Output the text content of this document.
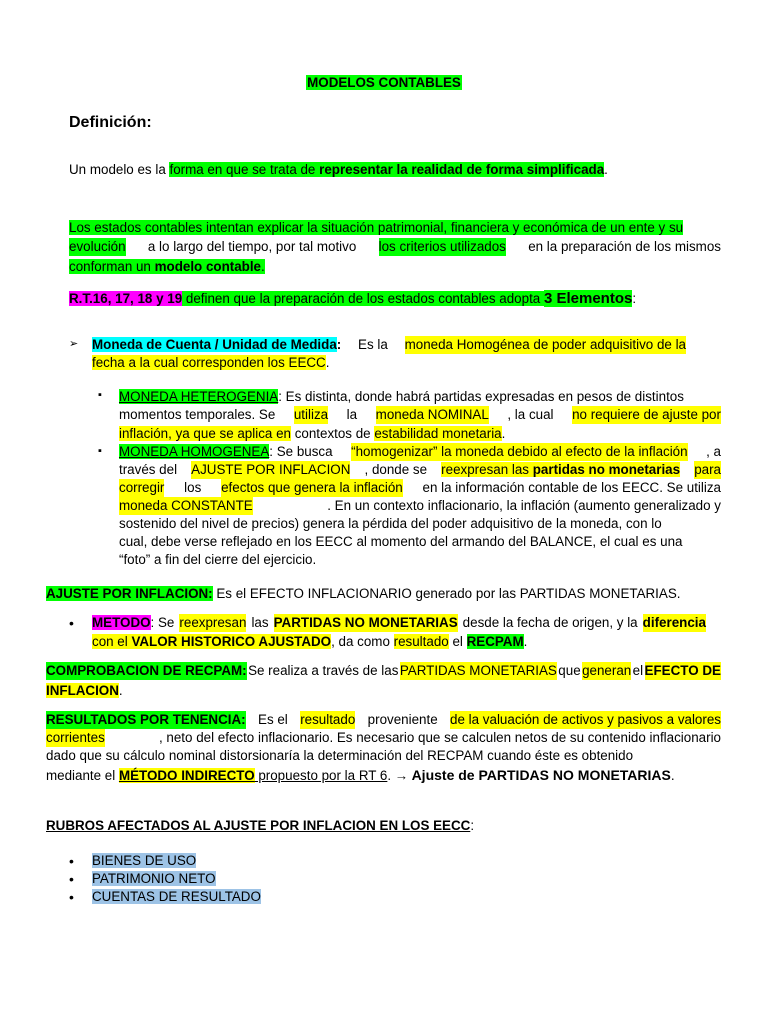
MODELOS CONTABLES
Definición:
Un modelo es la forma en que se trata de representar la realidad de forma simplificada.
Los estados contables intentan explicar la situación patrimonial, financiera y económica de un ente y su
evolución a lo largo del tiempo, por tal motivo los criterios utilizados en la preparación de los mismos
conforman un modelo contable.
R.T.16, 17, 18 y 19 definen que la preparación de los estados contables adopta 3 Elementos:
➢ Moneda de Cuenta / Unidad de Medida: Es la moneda Homogénea de poder adquisitivo de la
fecha a la cual corresponden los EECC.
▪ MONEDA HETEROGENIA: Es distinta, donde habrá partidas expresadas en pesos de distintos
momentos temporales. Se utiliza la moneda NOMINAL , la cual no requiere de ajuste por
inflación, ya que se aplica en contextos de estabilidad monetaria.
▪ MONEDA HOMOGENEA: Se busca “homogenizar” la moneda debido al efecto de la inflación , a
través del AJUSTE POR INFLACION , donde se reexpresan las partidas no monetarias para
corregir los efectos que genera la inflación en la información contable de los EECC. Se utiliza
moneda CONSTANTE	. En un contexto inflacionario, la inflación (aumento generalizado y
sostenido del nivel de precios) genera la pérdida del poder adquisitivo de la moneda, con lo
cual, debe verse reflejado en los EECC al momento del armando del BALANCE, el cual es una
“foto” a fin del cierre del ejercicio.
AJUSTE POR INFLACION: Es el EFECTO INFLACIONARIO generado por las PARTIDAS MONETARIAS.
• METODO: Se reexpresan las PARTIDAS NO MONETARIAS desde la fecha de origen, y la diferencia
con el VALOR HISTORICO AJUSTADO, da como resultado el RECPAM.
COMPROBACION DE RECPAM: Se realiza a través de las PARTIDAS MONETARIAS que generan el EFECTO DE
INFLACION.
RESULTADOS POR TENENCIA: Es el resultado proveniente de la valuación de activos y pasivos a valores
corrientes	, neto del efecto inflacionario. Es necesario que se calculen netos de su contenido inflacionario
dado que su cálculo nominal distorsionaría la determinación del RECPAM cuando éste es obtenido
mediante el MÉTODO INDIRECTO propuesto por la RT 6. → Ajuste de PARTIDAS NO MONETARIAS.
RUBROS AFECTADOS AL AJUSTE POR INFLACION EN LOS EECC:
• BIENES DE USO
• PATRIMONIO NETO
• CUENTAS DE RESULTADO
